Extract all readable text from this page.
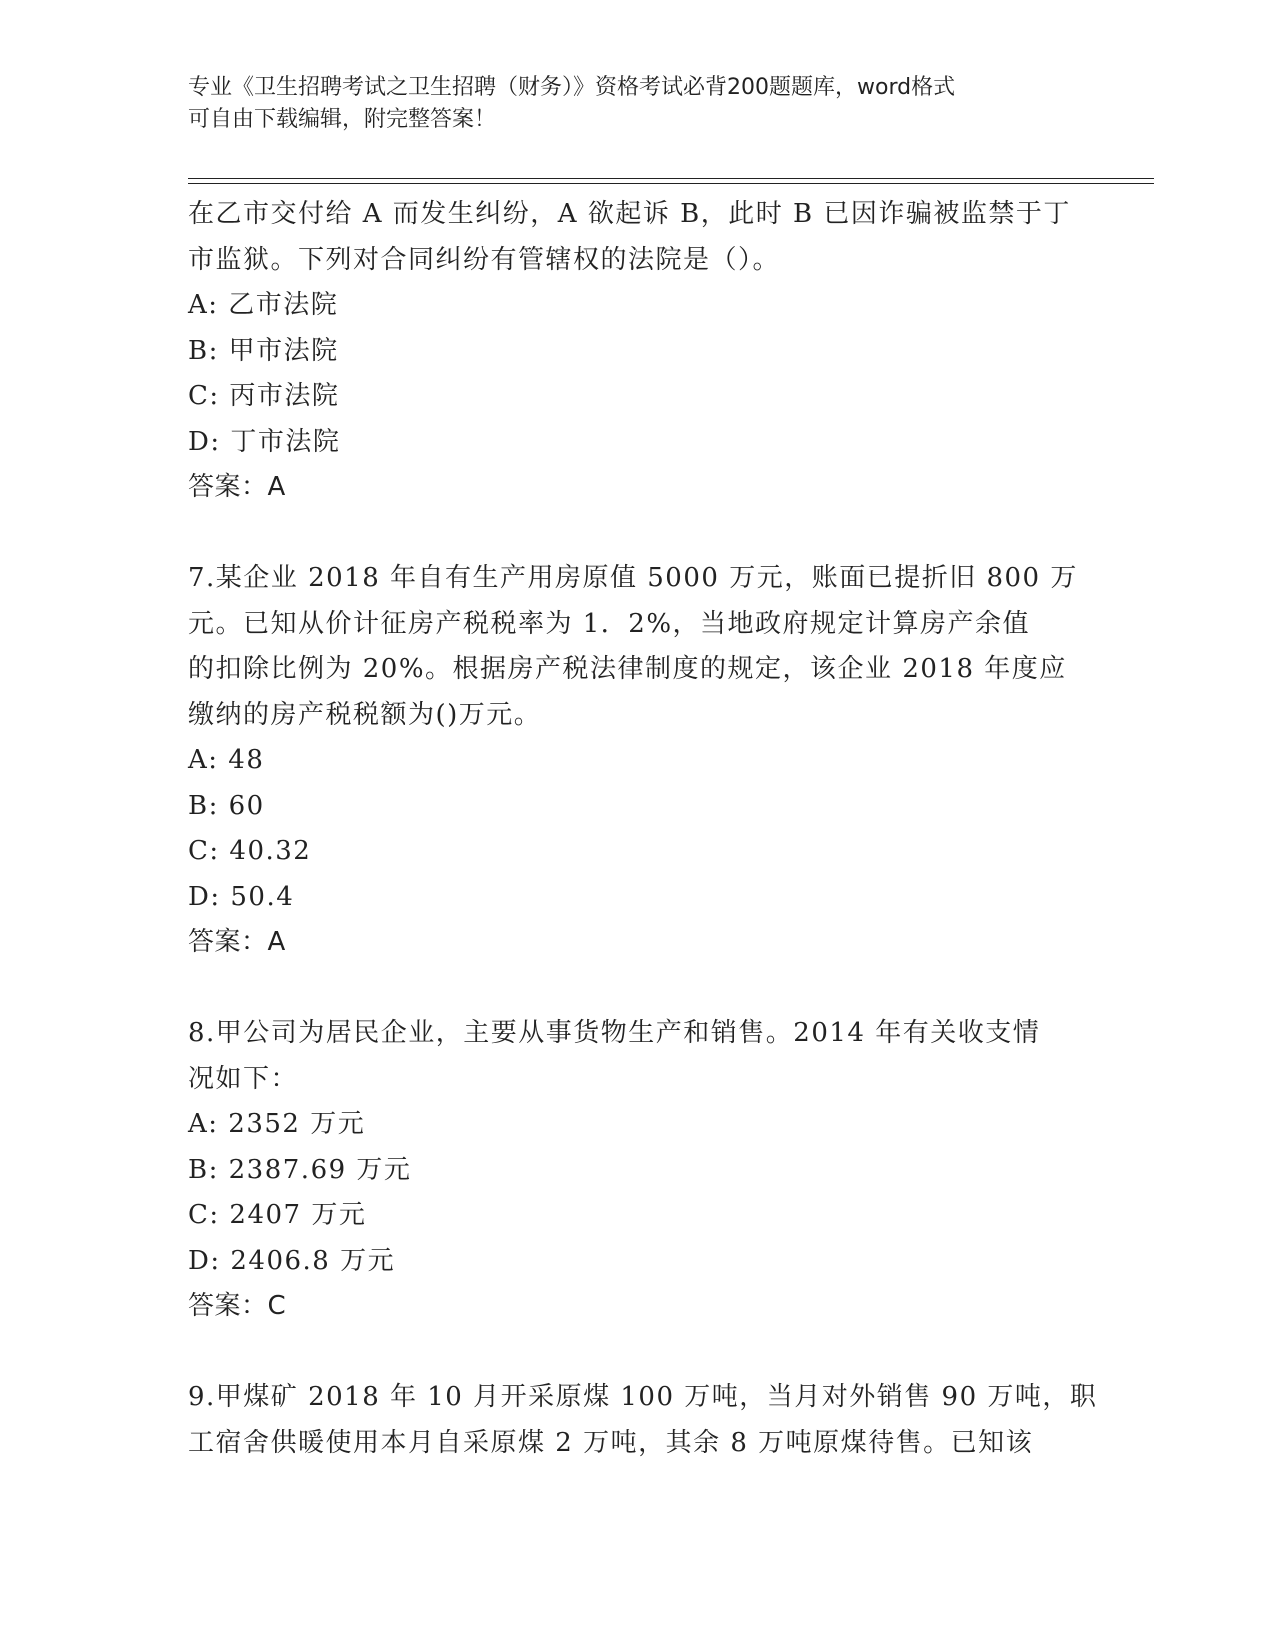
专业《卫生招聘考试之卫生招聘（财务）》资格考试必背200题题库，word格式
可自由下载编辑，附完整答案！
在乙市交付给 A 而发生纠纷，A 欲起诉 B，此时 B 已因诈骗被监禁于丁
市监狱。下列对合同纠纷有管辖权的法院是（）。
A: 乙市法院
B: 甲市法院
C: 丙市法院
D: 丁市法院
答案：A
7.某企业 2018 年自有生产用房原值 5000 万元，账面已提折旧 800 万
元。已知从价计征房产税税率为 1．2%，当地政府规定计算房产余值
的扣除比例为 20%。根据房产税法律制度的规定，该企业 2018 年度应
缴纳的房产税税额为()万元。
A: 48
B: 60
C: 40.32
D: 50.4
答案：A
8.甲公司为居民企业，主要从事货物生产和销售。2014 年有关收支情
况如下：
A: 2352 万元
B: 2387.69 万元
C: 2407 万元
D: 2406.8 万元
答案：C
9.甲煤矿 2018 年 10 月开采原煤 100 万吨，当月对外销售 90 万吨，职
工宿舍供暖使用本月自采原煤 2 万吨，其余 8 万吨原煤待售。已知该
